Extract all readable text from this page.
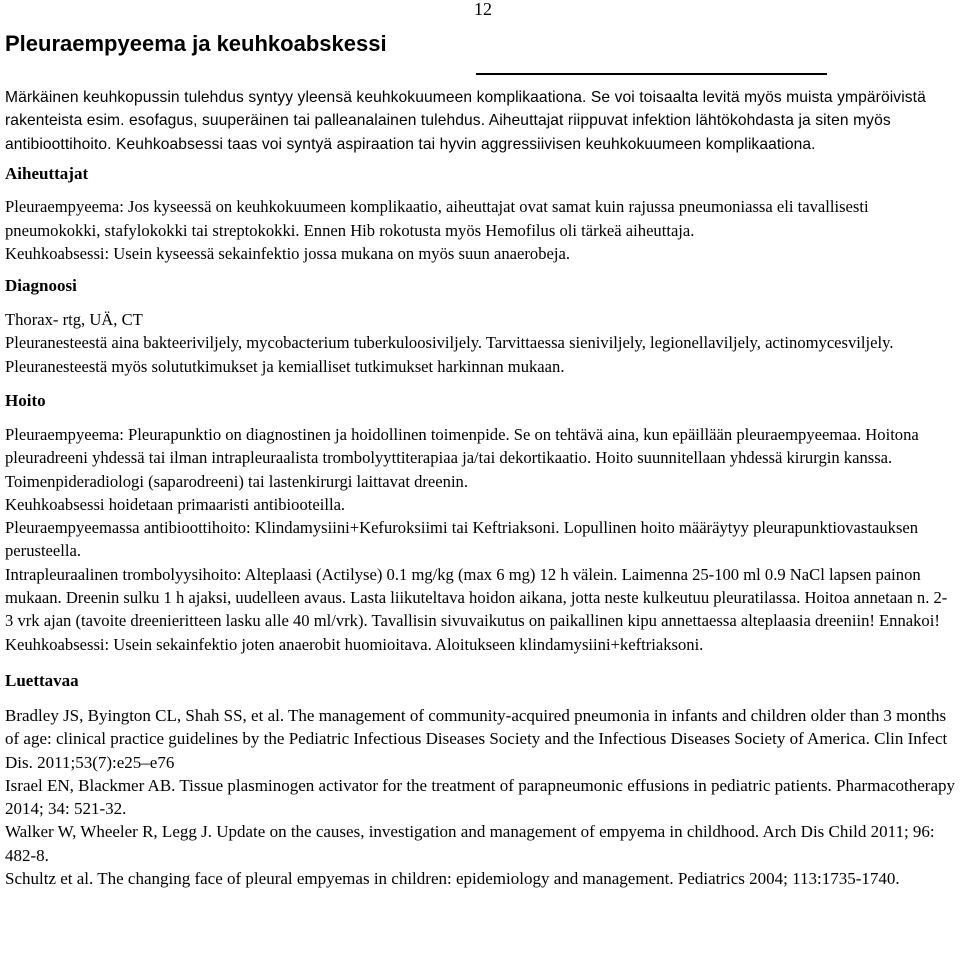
12
Pleuraempyeema ja keuhkoabskessi

Märkäinen keuhkopussin tulehdus syntyy yleensä keuhkokuumeen komplikaationa. Se voi toisaalta levitä myös muista ympäröivistä rakenteista esim. esofagus, suuperäinen tai palleanalainen tulehdus. Aiheuttajat riippuvat infektion lähtökohdasta ja siten myös antibioottihoito. Keuhkoabsessi taas voi syntyä aspiraation tai hyvin aggressiivisen keuhkokuumeen komplikaationa.

Aiheuttajat

Pleuraempyeema: Jos kyseessä on keuhkokuumeen komplikaatio, aiheuttajat ovat samat kuin rajussa pneumoniassa eli tavallisesti pneumokokki, stafylokokki tai streptokokki. Ennen Hib rokotusta myös Hemofilus oli tärkeä aiheuttaja.

Keuhkoabsessi: Usein kyseessä sekainfektio jossa mukana on myös suun anaerobeja.

Diagnoosi

Thorax- rtg, UÄ, CT

Pleuranesteestä aina bakteeriviljely, mycobacterium tuberkuloosiviljely. Tarvittaessa sieniviljely, legionellaviljely, actinomycesviljely.

Pleuranesteestä myös solututkimukset ja kemialliset tutkimukset harkinnan mukaan.

Hoito

Pleuraempyeema: Pleurapunktio on diagnostinen ja hoidollinen toimenpide. Se on tehtävä aina, kun epäillään pleuraempyeemaa. Hoitona pleuradreeni yhdessä tai ilman intrapleuraalista trombolyyttiterapiaa ja/tai dekortikaatio. Hoito suunnitellaan yhdessä kirurgin kanssa. Toimenpideradiologi (saparodreeni) tai lastenkirurgi laittavat dreenin.

Keuhkoabsessi hoidetaan primaaristi antibiooteilla.

Pleuraempyeemassa antibioottihoito: Klindamysiini+Kefuroksiimi tai Keftriaksoni. Lopullinen hoito määräytyy pleurapunktiovastauksen perusteella.

Intrapleuraalinen trombolyysihoito: Alteplaasi (Actilyse) 0.1 mg/kg (max 6 mg) 12 h välein. Laimenna 25-100 ml 0.9 NaCl lapsen painon mukaan. Dreenin sulku 1 h ajaksi, uudelleen avaus. Lasta liikuteltava hoidon aikana, jotta neste kulkeutuu pleuratilassa. Hoitoa annetaan n. 2-3 vrk ajan (tavoite dreenieritteen lasku alle 40 ml/vrk). Tavallisin sivuvaikutus on paikallinen kipu annettaessa alteplaasia dreeniin! Ennakoi!

Keuhkoabsessi: Usein sekainfektio joten anaerobit huomioitava. Aloitukseen klindamysiini+keftriaksoni.

Luettavaa

Bradley JS, Byington CL, Shah SS, et al. The management of community-acquired pneumonia in infants and children older than 3 months of age: clinical practice guidelines by the Pediatric Infectious Diseases Society and the Infectious Diseases Society of America. Clin Infect Dis. 2011;53(7):e25–e76

Israel EN, Blackmer AB. Tissue plasminogen activator for the treatment of parapneumonic effusions in pediatric patients. Pharmacotherapy 2014; 34: 521-32.

Walker W, Wheeler R, Legg J. Update on the causes, investigation and management of empyema in childhood. Arch Dis Child 2011; 96: 482-8.

Schultz et al. The changing face of pleural empyemas in children: epidemiology and management. Pediatrics 2004; 113:1735-1740.
